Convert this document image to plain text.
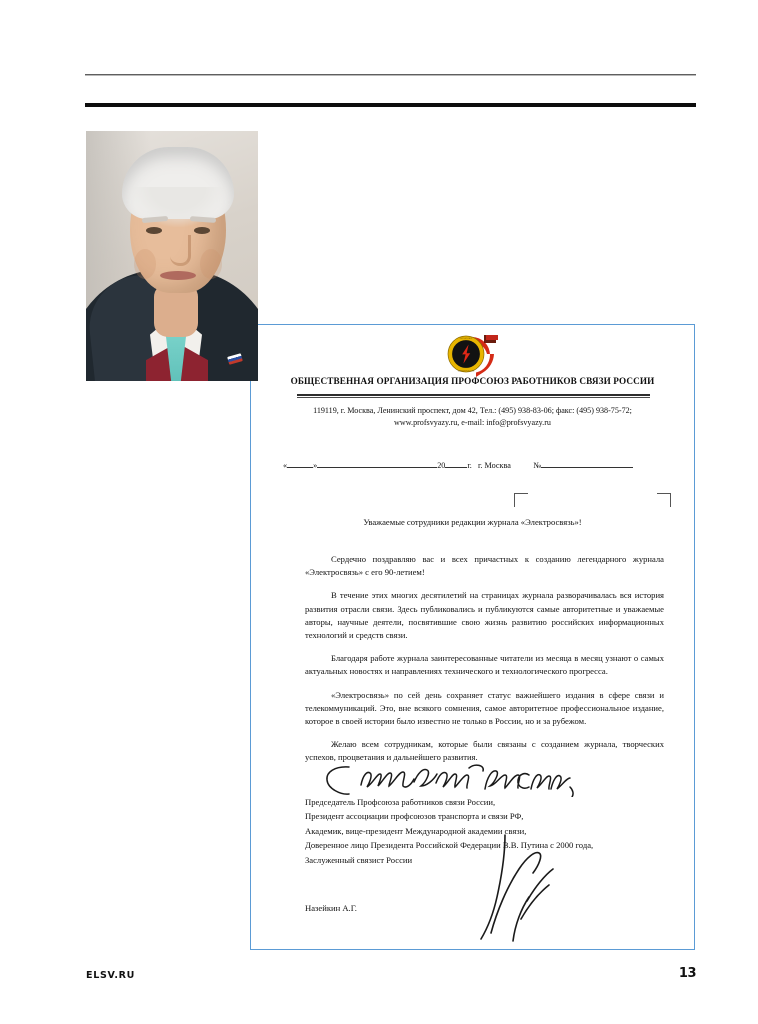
ПРОФСОЮЗ
СВЯЗИ РОССИИ
ОБЩЕСТВЕННАЯ ОРГАНИЗАЦИЯ ПРОФСОЮЗ РАБОТНИКОВ СВЯЗИ РОССИИ
119119, г. Москва, Ленинский проспект, дом 42, Тел.: (495) 938-83-06; факс: (495) 938-75-72;
www.profsvyazy.ru, e-mail: info@profsvyazy.ru
«	»	20	г. г. Москва	№
Уважаемые сотрудники редакции журнала «Электросвязь»!

Сердечно поздравляю вас и всех причастных к созданию легендарного журнала «Электросвязь» с его 90-летием!

В течение этих многих десятилетий на страницах журнала разворачивалась вся история развития отрасли связи. Здесь публиковались и публикуются самые авторитетные и уважаемые авторы, научные деятели, посвятившие свою жизнь развитию российских информационных технологий и средств связи.

Благодаря работе журнала заинтересованные читатели из месяца в месяц узнают о самых актуальных новостях и направлениях технического и технологического прогресса.

«Электросвязь» по сей день сохраняет статус важнейшего издания в сфере связи и телекоммуникаций. Это, вне всякого сомнения, самое авторитетное профессиональное издание, которое в своей истории было известно не только в России, но и за рубежом.

Желаю всем сотрудникам, которые были связаны с созданием журнала, творческих успехов, процветания и дальнейшего развития.

Председатель Профсоюза работников связи России,
Президент ассоциации профсоюзов транспорта и связи РФ,
Академик, вице-президент Международной академии связи,
Доверенное лицо Президента Российской Федерации В.В. Путина с 2000 года,
Заслуженный связист России
Назейкин А.Г.
ELSV.RU	13
